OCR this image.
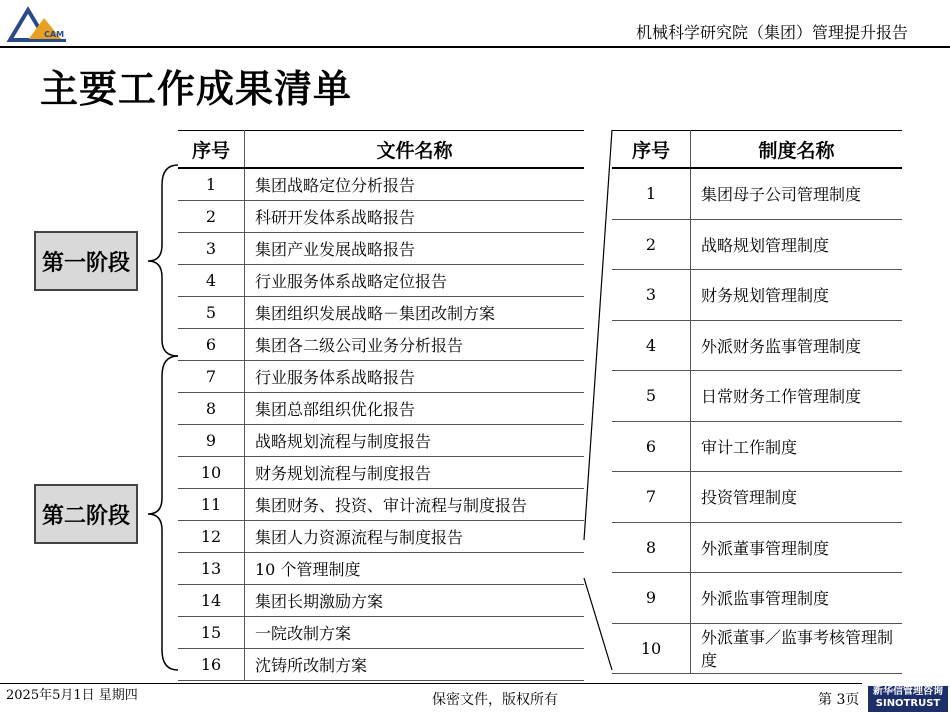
CAM	机械科学研究院（集团）管理提升报告
主要工作成果清单
第一阶段
第二阶段
序号	文件名称
1	集团战略定位分析报告
2	科研开发体系战略报告
3	集团产业发展战略报告
4	行业服务体系战略定位报告
5	集团组织发展战略－集团改制方案
6	集团各二级公司业务分析报告
7	行业服务体系战略报告
8	集团总部组织优化报告
9	战略规划流程与制度报告
10	财务规划流程与制度报告
11	集团财务、投资、审计流程与制度报告
12	集团人力资源流程与制度报告
13	10 个管理制度
14	集团长期激励方案
15	一院改制方案
16	沈铸所改制方案
序号	制度名称
1	集团母子公司管理制度
2	战略规划管理制度
3	财务规划管理制度
4	外派财务监事管理制度
5	日常财务工作管理制度
6	审计工作制度
7	投资管理制度
8	外派董事管理制度
9	外派监事管理制度
10	外派董事／监事考核管理制度
2025年5月1日 星期四	保密文件，版权所有	第 3页
新华信管理咨询
SINOTRUST
